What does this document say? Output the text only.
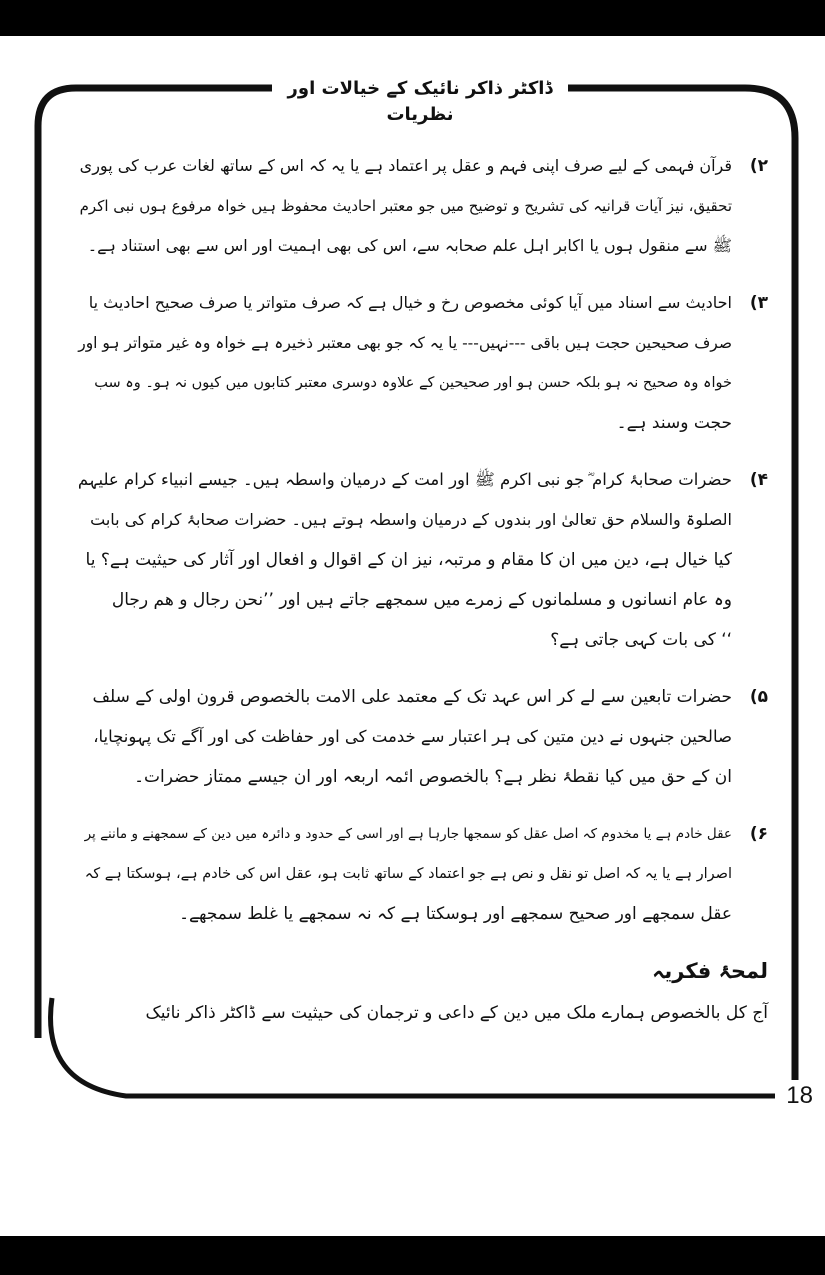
ڈاکٹر ذاکر نائیک کے خیالات اور نظریات
۲)
قرآن فہمی کے لیے صرف اپنی فہم و عقل پر اعتماد ہے یا یہ کہ اس کے ساتھ لغات عرب کی پوری
تحقیق، نیز آیات قرانیہ کی تشریح و توضیح میں جو معتبر احادیث محفوظ ہیں خواہ مرفوع ہوں نبی اکرم
ﷺ سے منقول ہوں یا اکابر اہل علم صحابہ سے، اس کی بھی اہمیت اور اس سے بھی استناد ہے۔
۳)
احادیث سے اسناد میں آیا کوئی مخصوص رخ و خیال ہے کہ صرف متواتر یا صرف صحیح احادیث یا
صرف صحیحین حجت ہیں باقی ---نہیں--- یا یہ کہ جو بھی معتبر ذخیرہ ہے خواہ وہ غیر متواتر ہو اور
خواہ وہ صحیح نہ ہو بلکہ حسن ہو اور صحیحین کے علاوہ دوسری معتبر کتابوں میں کیوں نہ ہو۔ وہ سب
حجت وسند ہے۔
۴)
حضرات صحابۂ کرام ؓ جو نبی اکرم ﷺ اور امت کے درمیان واسطہ ہیں۔ جیسے انبیاء کرام علیہم
الصلوۃ والسلام حق تعالیٰ اور بندوں کے درمیان واسطہ ہوتے ہیں۔ حضرات صحابۂ کرام کی بابت
کیا خیال ہے، دین میں ان کا مقام و مرتبہ، نیز ان کے اقوال و افعال اور آثار کی حیثیت ہے؟ یا
وہ عام انسانوں و مسلمانوں کے زمرے میں سمجھے جاتے ہیں اور ’’نحن رجال و هم رجال
‘‘ کی بات کہی جاتی ہے؟
۵)
حضرات تابعین سے لے کر اس عہد تک کے معتمد علی الامت بالخصوص قرون اولی کے سلف
صالحین جنہوں نے دین متین کی ہر اعتبار سے خدمت کی اور حفاظت کی اور آگے تک پہونچایا،
ان کے حق میں کیا نقطۂ نظر ہے؟ بالخصوص ائمہ اربعہ اور ان جیسے ممتاز حضرات۔
۶)
عقل خادم ہے یا مخدوم کہ اصل عقل کو سمجھا جارہا ہے اور اسی کے حدود و دائرہ میں دین کے سمجھنے و ماننے پر
اصرار ہے یا یہ کہ اصل تو نقل و نص ہے جو اعتماد کے ساتھ ثابت ہو، عقل اس کی خادم ہے، ہوسکتا ہے کہ
عقل سمجھے اور صحیح سمجھے اور ہوسکتا ہے کہ نہ سمجھے یا غلط سمجھے۔
لمحۂ فکریہ
آج کل بالخصوص ہمارے ملک میں دین کے داعی و ترجمان کی حیثیت سے ڈاکٹر ذاکر نائیک
18
